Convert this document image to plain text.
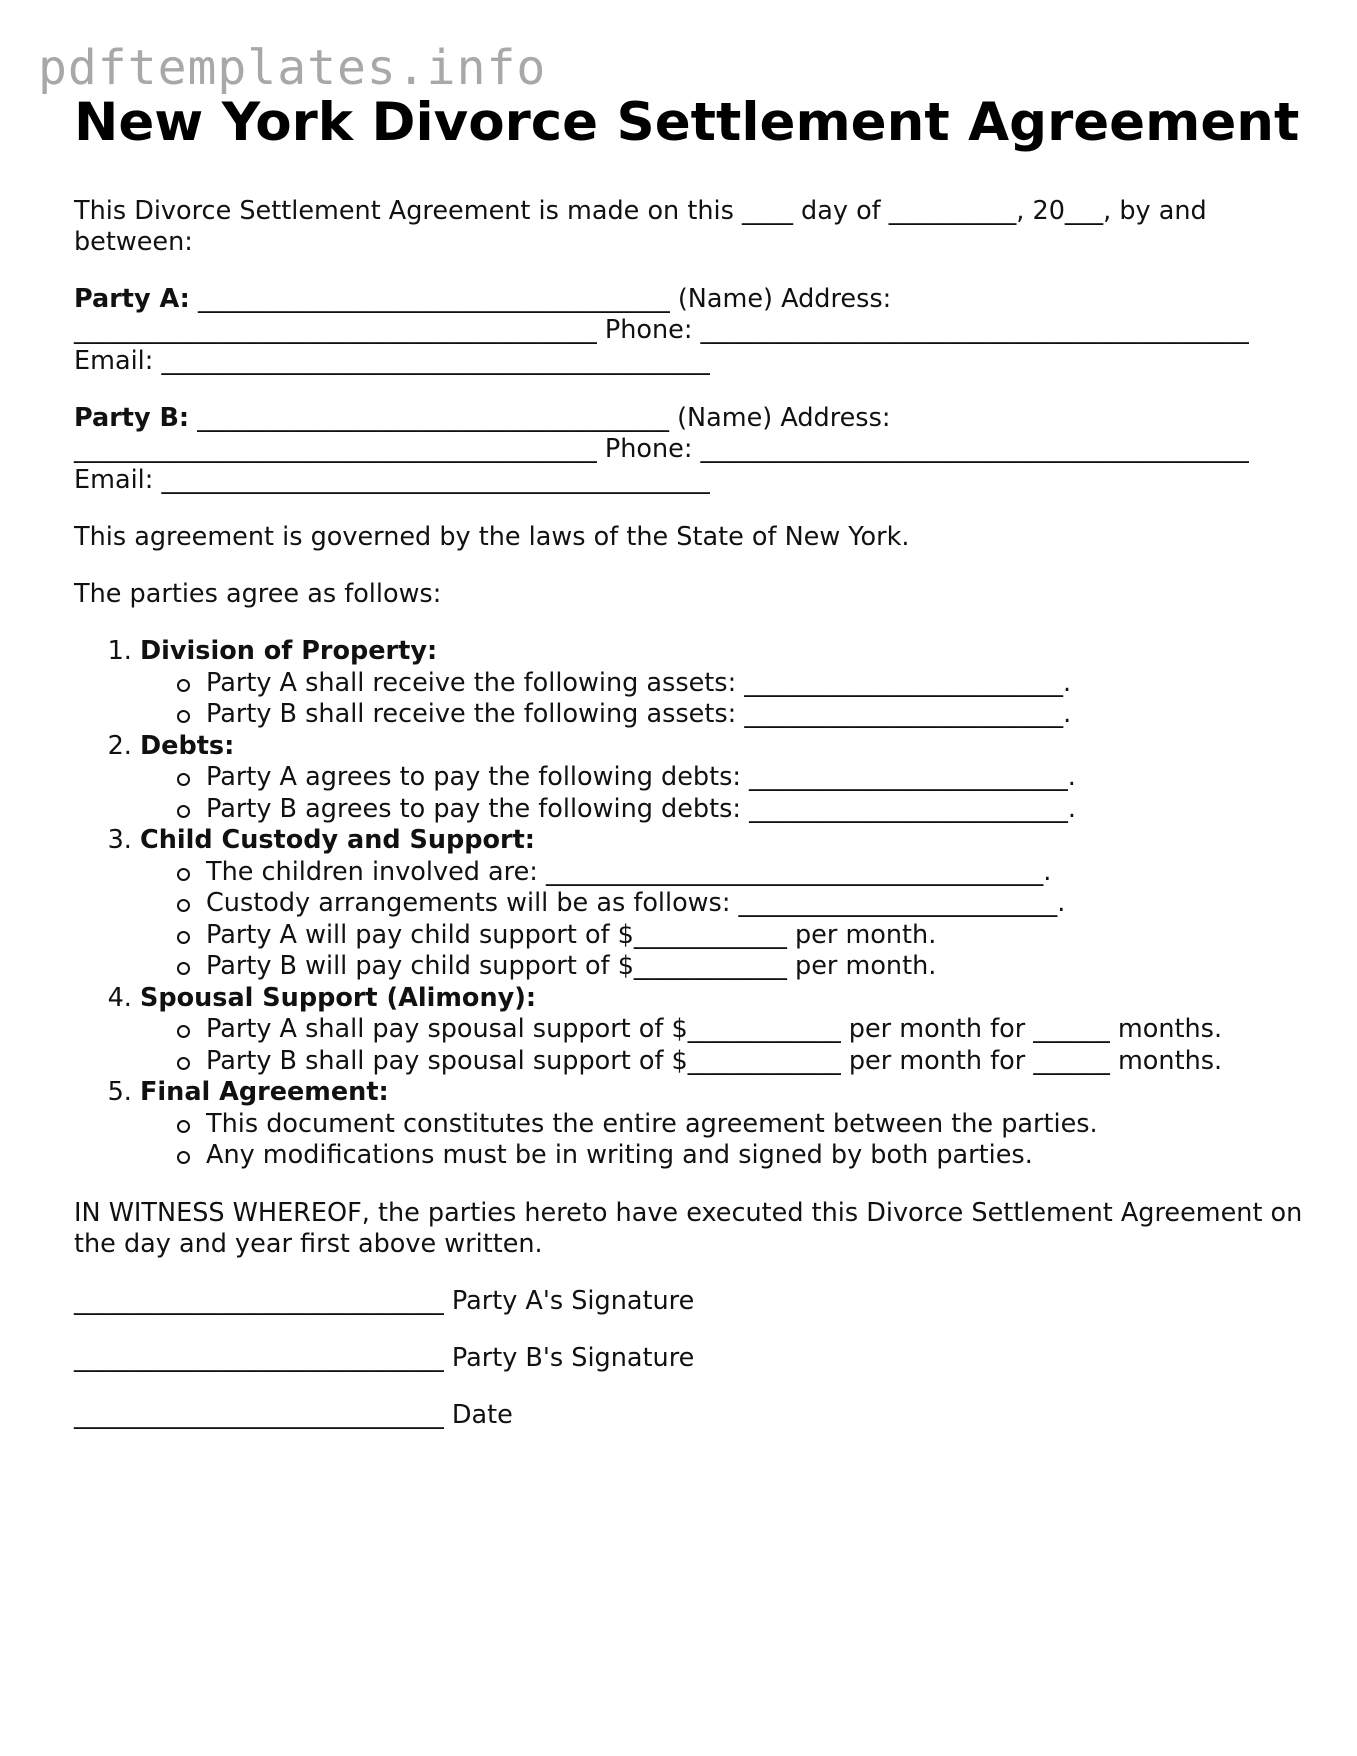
pdftemplates.info
New York Divorce Settlement Agreement

This Divorce Settlement Agreement is made on this ____ day of __________, 20___, by and between:

Party A: _____________________________________ (Name) Address: _________________________________________ Phone: ___________________________________________ Email: ___________________________________________

Party B: _____________________________________ (Name) Address: _________________________________________ Phone: ___________________________________________ Email: ___________________________________________

This agreement is governed by the laws of the State of New York.

The parties agree as follows:

1. Division of Property:
Party A shall receive the following assets: _________________________.
Party B shall receive the following assets: _________________________.
2. Debts:
Party A agrees to pay the following debts: _________________________.
Party B agrees to pay the following debts: _________________________.
3. Child Custody and Support:
The children involved are: _______________________________________.
Custody arrangements will be as follows: _________________________.
Party A will pay child support of $____________ per month.
Party B will pay child support of $____________ per month.
4. Spousal Support (Alimony):
Party A shall pay spousal support of $____________ per month for ______ months.
Party B shall pay spousal support of $____________ per month for ______ months.
5. Final Agreement:
This document constitutes the entire agreement between the parties.
Any modifications must be in writing and signed by both parties.

IN WITNESS WHEREOF, the parties hereto have executed this Divorce Settlement Agreement on the day and year first above written.

_____________________________ Party A's Signature

_____________________________ Party B's Signature

_____________________________ Date
